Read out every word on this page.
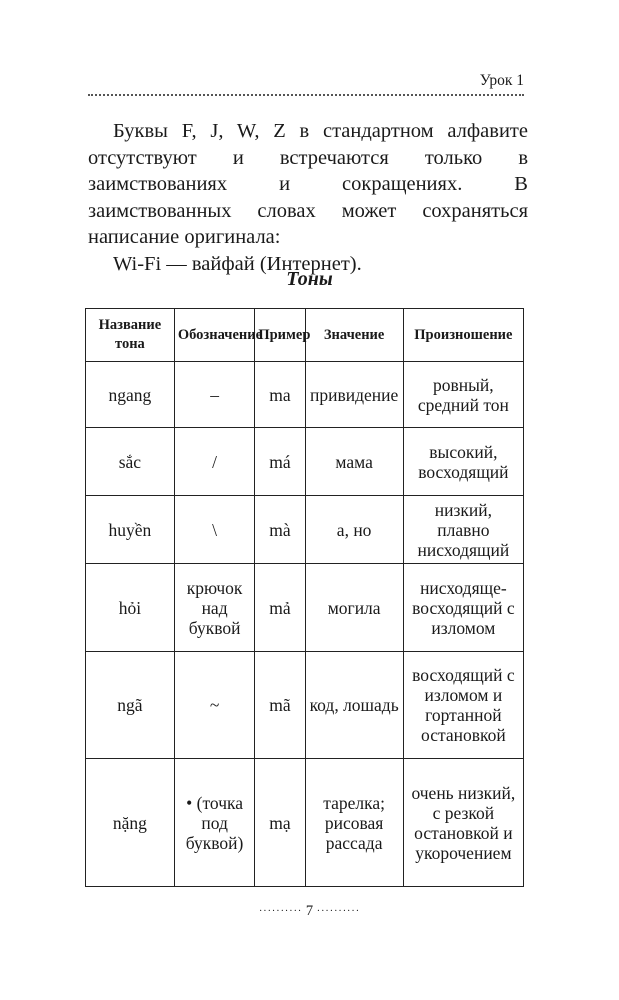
Урок 1

Буквы F, J, W, Z в стандартном алфавите отсутствуют и встречаются только в заимствованиях и сокращениях. В заимствованных словах может сохраняться написание оригинала:

Wi-Fi — вайфай (Интернет).

Тоны
Название тона	Обозначение	Пример	Значение	Произношение
ngang	–	ma	привидение	ровный, средний тон
sắc	/	má	мама	высокий, восходящий
huyền	\	mà	а, но	низкий, плавно нисходящий
hỏi	крючок над буквой	mả	могила	нисходяще-восходящий с изломом
ngã	~	mã	код, лошадь	восходящий с изломом и гортанной остановкой
nặng	• (точка под буквой)	mạ	тарелка; рисовая рассада	очень низкий, с резкой остановкой и укорочением
·········· 7 ··········
